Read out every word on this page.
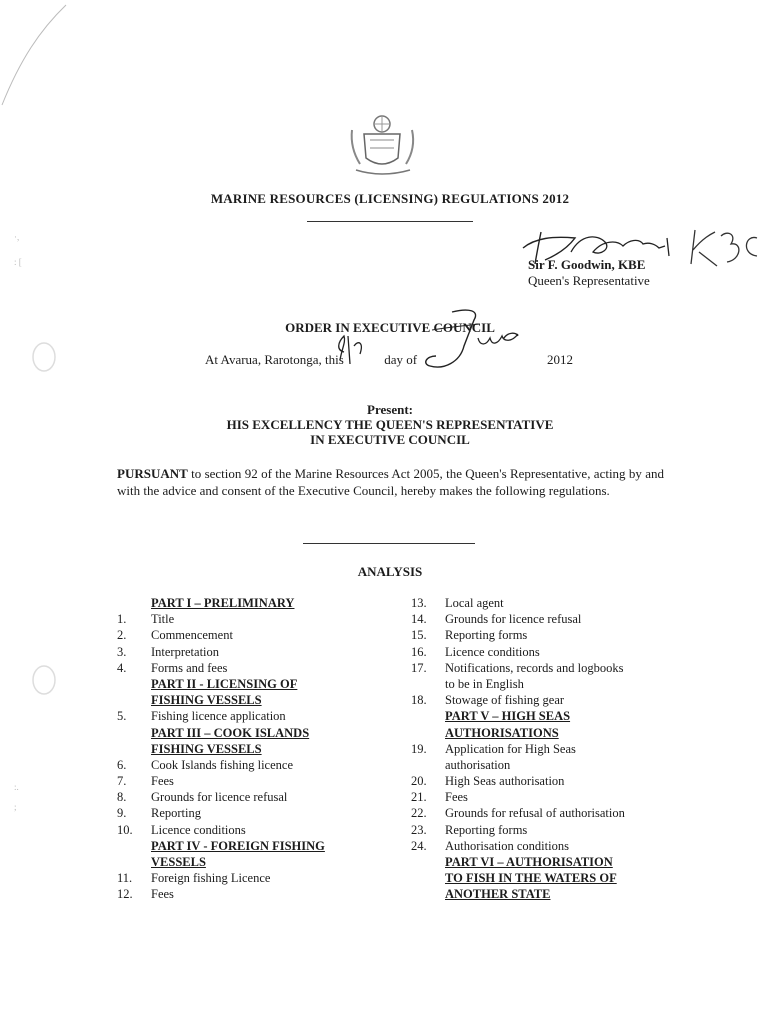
·,
: [
:.
;
MARINE RESOURCES (LICENSING) REGULATIONS 2012
Sir F. Goodwin, KBE
Queen's Representative
ORDER IN EXECUTIVE COUNCIL
At Avarua, Rarotonga, this	day of	2012
Present:
HIS EXCELLENCY THE QUEEN'S REPRESENTATIVE
IN EXECUTIVE COUNCIL
PURSUANT to section 92 of the Marine Resources Act 2005, the Queen's Representative, acting by and with the advice and consent of the Executive Council, hereby makes the following regulations.
ANALYSIS
PART I – PRELIMINARY
1. Title
2. Commencement
3. Interpretation
4. Forms and fees
PART II - LICENSING OF
FISHING VESSELS
5. Fishing licence application
PART III – COOK ISLANDS
FISHING VESSELS
6. Cook Islands fishing licence
7. Fees
8. Grounds for licence refusal
9. Reporting
10. Licence conditions
PART IV - FOREIGN FISHING
VESSELS
11. Foreign fishing Licence
12. Fees
13. Local agent
14. Grounds for licence refusal
15. Reporting forms
16. Licence conditions
17. Notifications, records and logbooks
to be in English
18. Stowage of fishing gear
PART V – HIGH SEAS
AUTHORISATIONS
19. Application for High Seas
authorisation
20. High Seas authorisation
21. Fees
22. Grounds for refusal of authorisation
23. Reporting forms
24. Authorisation conditions
PART VI – AUTHORISATION
TO FISH IN THE WATERS OF
ANOTHER STATE
